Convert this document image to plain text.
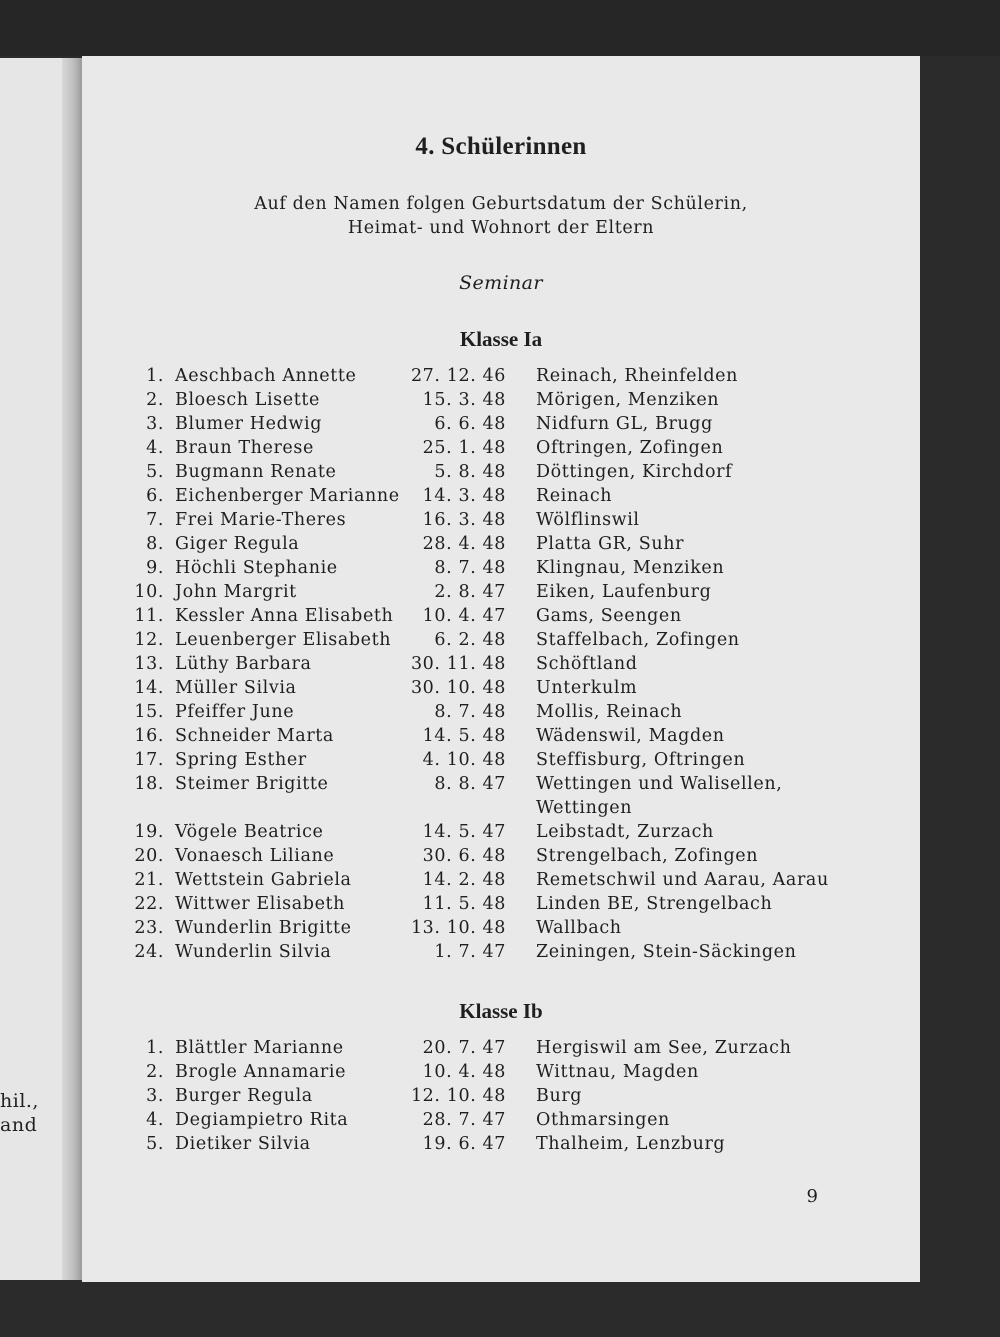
hil.,
and
4. Schülerinnen
Auf den Namen folgen Geburtsdatum der Schülerin,
Heimat- und Wohnort der Eltern
Seminar
Klasse Ia
1. Aeschbach Annette	27. 12. 46 Reinach, Rheinfelden
2. Bloesch Lisette	15. 3. 48 Mörigen, Menziken
3. Blumer Hedwig	6. 6. 48 Nidfurn GL, Brugg
4. Braun Therese	25. 1. 48 Oftringen, Zofingen
5. Bugmann Renate	5. 8. 48 Döttingen, Kirchdorf
6. Eichenberger Marianne 14. 3. 48 Reinach
7. Frei Marie-Theres	16. 3. 48 Wölflinswil
8. Giger Regula	28. 4. 48 Platta GR, Suhr
9. Höchli Stephanie	8. 7. 48 Klingnau, Menziken
10. John Margrit	2. 8. 47 Eiken, Laufenburg
11. Kessler Anna Elisabeth 10. 4. 47 Gams, Seengen
12. Leuenberger Elisabeth 6. 2. 48 Staffelbach, Zofingen
13. Lüthy Barbara	30. 11. 48 Schöftland
14. Müller Silvia	30. 10. 48 Unterkulm
15. Pfeiffer June	8. 7. 48 Mollis, Reinach
16. Schneider Marta	14. 5. 48 Wädenswil, Magden
17. Spring Esther	4. 10. 48 Steffisburg, Oftringen
18. Steimer Brigitte	8. 8. 47 Wettingen und Walisellen,
Wettingen
19. Vögele Beatrice	14. 5. 47 Leibstadt, Zurzach
20. Vonaesch Liliane	30. 6. 48 Strengelbach, Zofingen
21. Wettstein Gabriela	14. 2. 48 Remetschwil und Aarau, Aarau
22. Wittwer Elisabeth	11. 5. 48 Linden BE, Strengelbach
23. Wunderlin Brigitte	13. 10. 48 Wallbach
24. Wunderlin Silvia	1. 7. 47 Zeiningen, Stein-Säckingen
Klasse Ib
1. Blättler Marianne	20. 7. 47 Hergiswil am See, Zurzach
2. Brogle Annamarie	10. 4. 48 Wittnau, Magden
3. Burger Regula	12. 10. 48 Burg
4. Degiampietro Rita	28. 7. 47 Othmarsingen
5. Dietiker Silvia	19. 6. 47 Thalheim, Lenzburg
9
